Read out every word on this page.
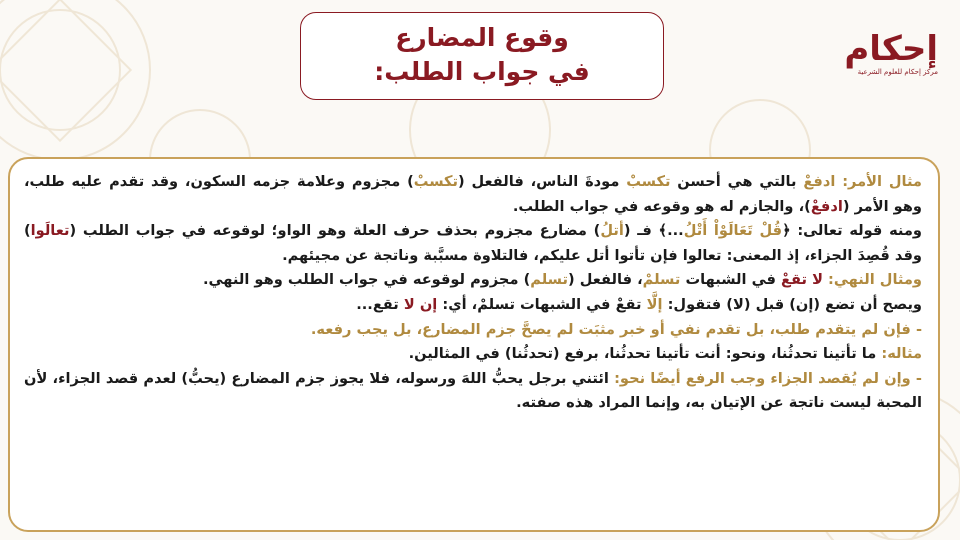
إحكام
مركز إحكام للعلوم الشرعية
وقوع المضارع
في جواب الطلب:

مثال الأمر: ادفعْ بالتي هي أحسن تكسبْ مودةَ الناس، فالفعل (تكسبْ) مجزوم وعلامة جزمه السكون، وقد تقدم عليه طلب، وهو الأمر (ادفعْ)، والجازم له هو وقوعه في جواب الطلب.

ومنه قوله تعالى: ﴿قُلْ تَعَالَوْاْ أَتْلُ...﴾ فـ (أتلُ) مضارع مجزوم بحذف حرف العلة وهو الواو؛ لوقوعه في جواب الطلب (تعالَوا) وقد قُصِدَ الجزاء، إذ المعنى: تعالوا فإن تأتوا أتل عليكم، فالتلاوة مسبَّبة وناتجة عن مجيئهم.

ومثال النهي: لا تقعْ في الشبهات تسلمْ، فالفعل (تسلم) مجزوم لوقوعه في جواب الطلب وهو النهي.

ويصح أن تضع (إن) قبل (لا) فتقول: إلَّا تقعْ في الشبهات تسلمْ، أي: إن لا تقع...

- فإن لم يتقدم طلب، بل تقدم نفي أو خبر مثبَت لم يصحَّ جزم المضارع، بل يجب رفعه.

مثاله: ما تأتينا تحدثُنا، ونحو: أنت تأتينا تحدثُنا، برفع (تحدثُنا) في المثالين.

- وإن لم يُقصد الجزاء وجب الرفع أيضًا نحو: ائتني برجل يحبُّ اللهَ ورسوله، فلا يجوز جزم المضارع (يحبُّ) لعدم قصد الجزاء، لأن المحبة ليست ناتجة عن الإتيان به، وإنما المراد هذه صفته.
